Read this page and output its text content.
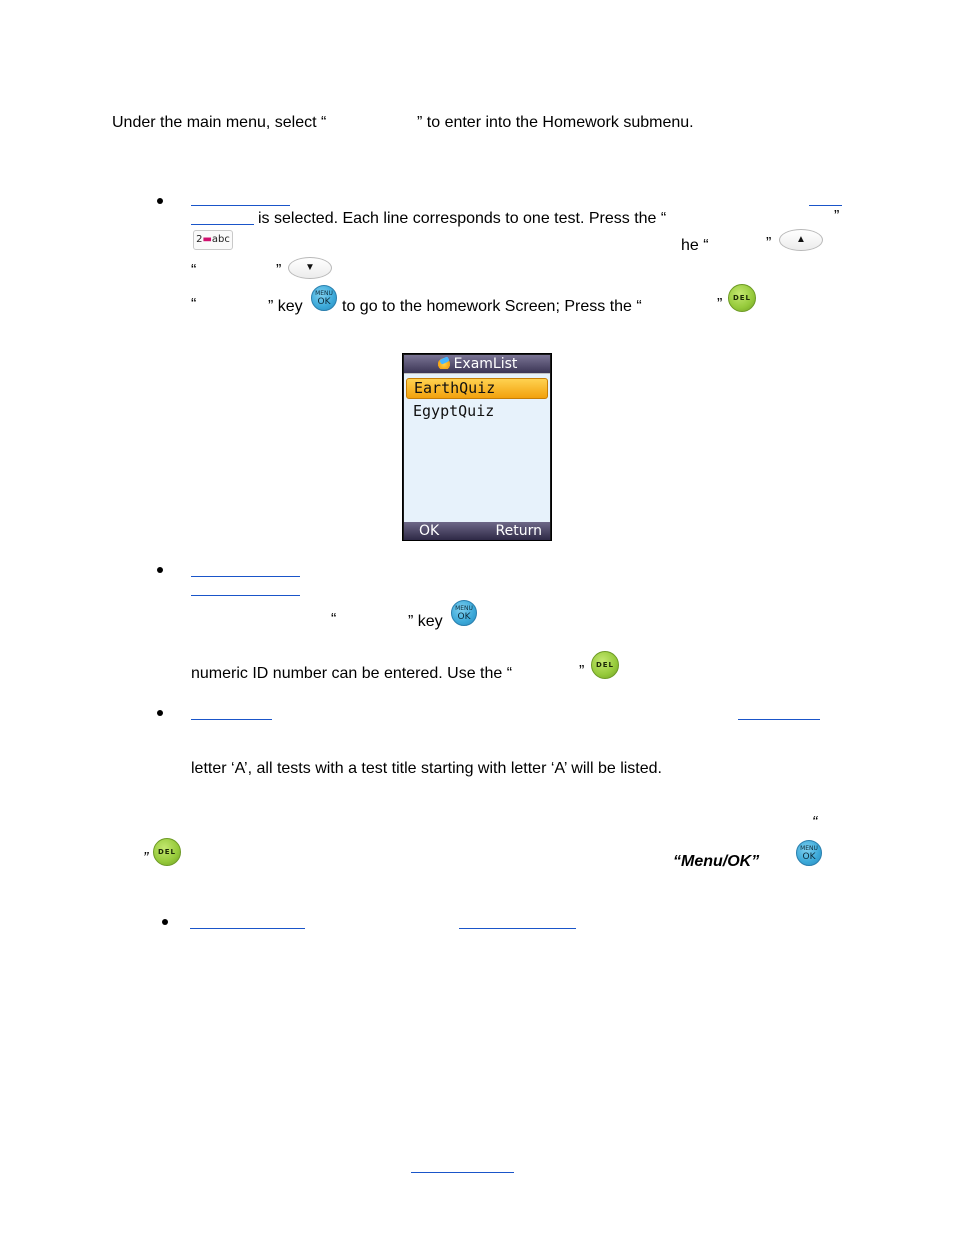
Under the main menu, select “	” to enter into the Homework submenu.
is selected. Each line corresponds to one test. Press the “	”
2▬abc	he “	”	▲
“	”	▼
“	” key
MENU
OK to go to the homework Screen; Press the “	”	DEL
ExamList
EarthQuiz
EgyptQuiz
OK	Return
“	” key
MENU
OK
numeric ID number can be entered. Use the “	”	DEL
letter ‘A’, all tests with a test title starting with letter ‘A’ will be listed.
“
”	DEL
“Menu/OK”
MENU
OK
